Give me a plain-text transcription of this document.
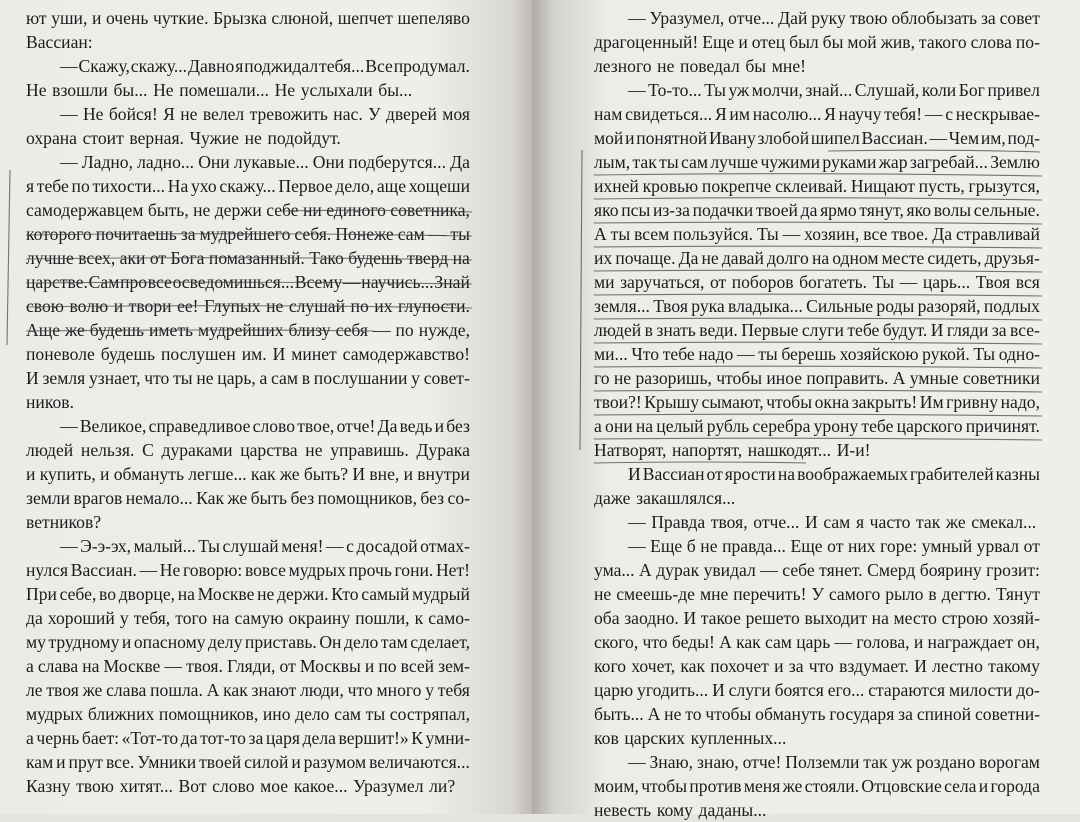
ют уши, и очень чуткие. Брызка слюной, шепчет шепеляво
Вассиан:
— Скажу, скажу... Давно я поджидал тебя... Все продумал.
Не взошли бы... Не помешали... Не услыхали бы...
— Не бойся! Я не велел тревожить нас. У дверей моя
охрана стоит верная. Чужие не подойдут.
— Ладно, ладно... Они лукавые... Они подберутся... Да
я тебе по тихости... На ухо скажу... Первое дело, аще хощеши
самодержавцем быть, не держи себе ни единого советника,
которого почитаешь за мудрейшего себя. Понеже сам — ты
лучше всех, аки от Бога помазанный. Тако будешь тверд на
царстве. Сам про все осведомишься... Всему — научись... Знай
свою волю и твори ее! Глупых не слушай по их глупости.
Аще же будешь иметь мудрейших близу себя — по нужде,
поневоле будешь послушен им. И минет самодержавство!
И земля узнает, что ты не царь, а сам в послушании у совет-
ников.
— Великое, справедливое слово твое, отче! Да ведь и без
людей нельзя. С дураками царства не управишь. Дурака
и купить, и обмануть легше... как же быть? И вне, и внутри
земли врагов немало... Как же быть без помощников, без со-
ветников?
— Э-э-эх, малый... Ты слушай меня! — с досадой отмах-
нулся Вассиан. — Не говорю: вовсе мудрых прочь гони. Нет!
При себе, во дворце, на Москве не держи. Кто самый мудрый
да хороший у тебя, того на самую окраину пошли, к само-
му трудному и опасному делу приставь. Он дело там сделает,
а слава на Москве — твоя. Гляди, от Москвы и по всей зем-
ле твоя же слава пошла. А как знают люди, что много у тебя
мудрых ближних помощников, ино дело сам ты состряпал,
а чернь бает: «Тот-то да тот-то за царя дела вершит!» К умни-
кам и прут все. Умники твоей силой и разумом величаются...
Казну твою хитят... Вот слово мое какое... Уразумел ли?
— Уразумел, отче... Дай руку твою облобызать за совет
драгоценный! Еще и отец был бы мой жив, такого слова по-
лезного не поведал бы мне!
— То-то... Ты уж молчи, знай... Слушай, коли Бог привел
нам свидеться... Я им насолю... Я научу тебя! — с нескрывае-
мой и понятной Ивану злобой шипел Вассиан. — Чем им, под-
лым, так ты сам лучше чужими руками жар загребай... Землю
ихней кровью покрепче склеивай. Нищают пусть, грызутся,
яко псы из-за подачки твоей да ярмо тянут, яко волы сельные.
А ты всем пользуйся. Ты — хозяин, все твое. Да стравливай
их почаще. Да не давай долго на одном месте сидеть, друзья-
ми заручаться, от поборов богатеть. Ты — царь... Твоя вся
земля... Твоя рука владыка... Сильные роды разоряй, подлых
людей в знать веди. Первые слуги тебе будут. И гляди за все-
ми... Что тебе надо — ты берешь хозяйскою рукой. Ты одно-
го не разоришь, чтобы иное поправить. А умные советники
твои?! Крышу сымают, чтобы окна закрыть! Им гривну надо,
а они на целый рубль серебра урону тебе царского причинят.
Натворят, напортят, нашкодят... И-и!
И Вассиан от ярости на воображаемых грабителей казны
даже закашлялся...
— Правда твоя, отче... И сам я часто так же смекал...
— Еще б не правда... Еще от них горе: умный урвал от
ума... А дурак увидал — себе тянет. Смерд боярину грозит:
не смеешь-де мне перечить! У самого рыло в дегтю. Тянут
оба заодно. И такое решето выходит на место строю хозяй-
ского, что беды! А как сам царь — голова, и награждает он,
кого хочет, как похочет и за что вздумает. И лестно такому
царю угодить... И слуги боятся его... стараются милости до-
быть... А не то чтобы обмануть государя за спиной советни-
ков царских купленных...
— Знаю, знаю, отче! Полземли так уж роздано ворогам
моим, чтобы против меня же стояли. Отцовские села и города
невесть кому даданы...
